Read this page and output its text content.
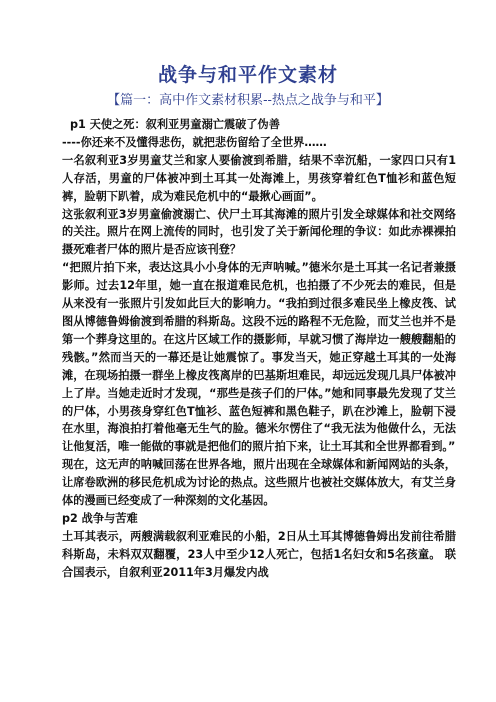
战争与和平作文素材
【篇一：高中作文素材积累--热点之战争与和平】
p1 天使之死：叙利亚男童溺亡震破了伪善
----你还来不及懂得悲伤，就把悲伤留给了全世界……
一名叙利亚3岁男童艾兰和家人要偷渡到希腊，结果不幸沉船，一家四口只有1人存活，男童的尸体被冲到土耳其一处海滩上，男孩穿着红色T恤衫和蓝色短裤，脸朝下趴着，成为难民危机中的“最揪心画面”。
这张叙利亚3岁男童偷渡溺亡、伏尸土耳其海滩的照片引发全球媒体和社交网络的关注。照片在网上流传的同时，也引发了关于新闻伦理的争议：如此赤裸裸拍摄死难者尸体的照片是否应该刊登？
“把照片拍下来，表达这具小小身体的无声呐喊。”德米尔是土耳其一名记者兼摄影师。过去12年里，她一直在报道难民危机，也拍摄了不少死去的难民，但是从来没有一张照片引发如此巨大的影响力。“我拍到过很多难民坐上橡皮筏、试图从博德鲁姆偷渡到希腊的科斯岛。这段不远的路程不无危险，而艾兰也并不是第一个葬身这里的。在这片区域工作的摄影师，早就习惯了海岸边一艘艘翻船的残骸。”然而当天的一幕还是让她震惊了。事发当天，她正穿越土耳其的一处海滩，在现场拍摄一群坐上橡皮筏离岸的巴基斯坦难民，却远远发现几具尸体被冲上了岸。当她走近时才发现，“那些是孩子们的尸体。”她和同事最先发现了艾兰的尸体，小男孩身穿红色T恤衫、蓝色短裤和黑色鞋子，趴在沙滩上，脸朝下浸在水里，海浪拍打着他毫无生气的脸。德米尔愣住了“我无法为他做什么，无法让他复活，唯一能做的事就是把他们的照片拍下来，让土耳其和全世界都看到。”
现在，这无声的呐喊回荡在世界各地，照片出现在全球媒体和新闻网站的头条，让席卷欧洲的移民危机成为讨论的热点。这些照片也被社交媒体放大，有艾兰身体的漫画已经变成了一种深刻的文化基因。
p2 战争与苦难
土耳其表示，两艘满载叙利亚难民的小船，2日从土耳其博德鲁姆出发前往希腊科斯岛，未料双双翻覆，23人中至少12人死亡，包括1名妇女和5名孩童。 联合国表示，自叙利亚2011年3月爆发内战
